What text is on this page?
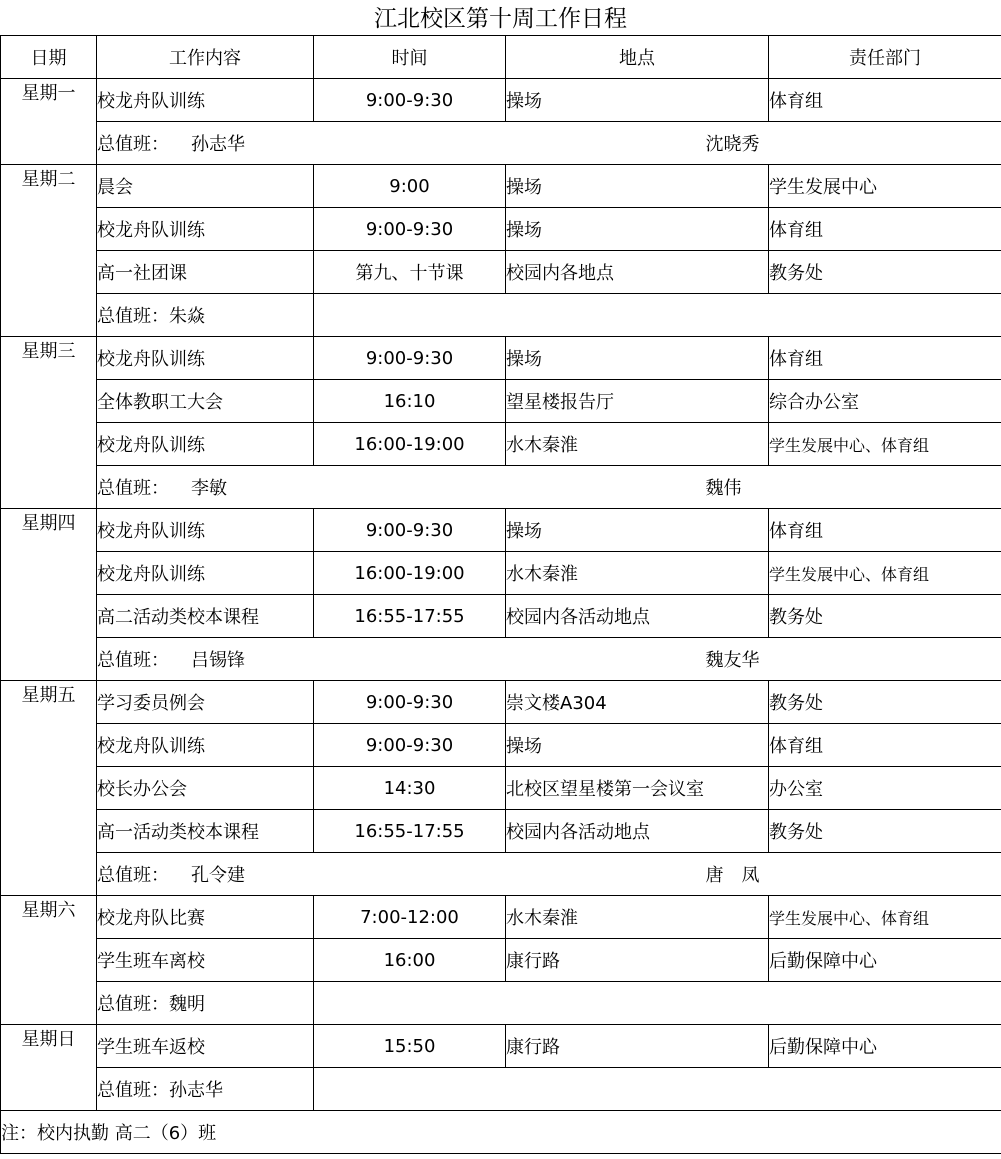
江北校区第十周工作日程
日期	工作内容	时间	地点	责任部门
星期一	校龙舟队训练	9:00-9:30	操场	体育组
	总值班： 孙志华		沈晓秀	
星期二	晨会	9:00	操场	学生发展中心
	校龙舟队训练	9:00-9:30	操场	体育组
	高一社团课	第九、十节课	校园内各地点	教务处
	总值班：朱焱			
星期三	校龙舟队训练	9:00-9:30	操场	体育组
	全体教职工大会	16:10	望星楼报告厅	综合办公室
	校龙舟队训练	16:00-19:00	水木秦淮	学生发展中心、体育组
	总值班： 李敏		魏伟	
星期四	校龙舟队训练	9:00-9:30	操场	体育组
	校龙舟队训练	16:00-19:00	水木秦淮	学生发展中心、体育组
	高二活动类校本课程	16:55-17:55	校园内各活动地点	教务处
	总值班： 吕锡锋		魏友华	
星期五	学习委员例会	9:00-9:30	崇文楼A304	教务处
	校龙舟队训练	9:00-9:30	操场	体育组
	校长办公会	14:30	北校区望星楼第一会议室	办公室
	高一活动类校本课程	16:55-17:55	校园内各活动地点	教务处
	总值班： 孔令建		唐　凤	
星期六	校龙舟队比赛	7:00-12:00	水木秦淮	学生发展中心、体育组
	学生班车离校	16:00	康行路	后勤保障中心
	总值班：魏明			
星期日	学生班车返校	15:50	康行路	后勤保障中心
	总值班：孙志华			
注：校内执勤 高二（6）班				
